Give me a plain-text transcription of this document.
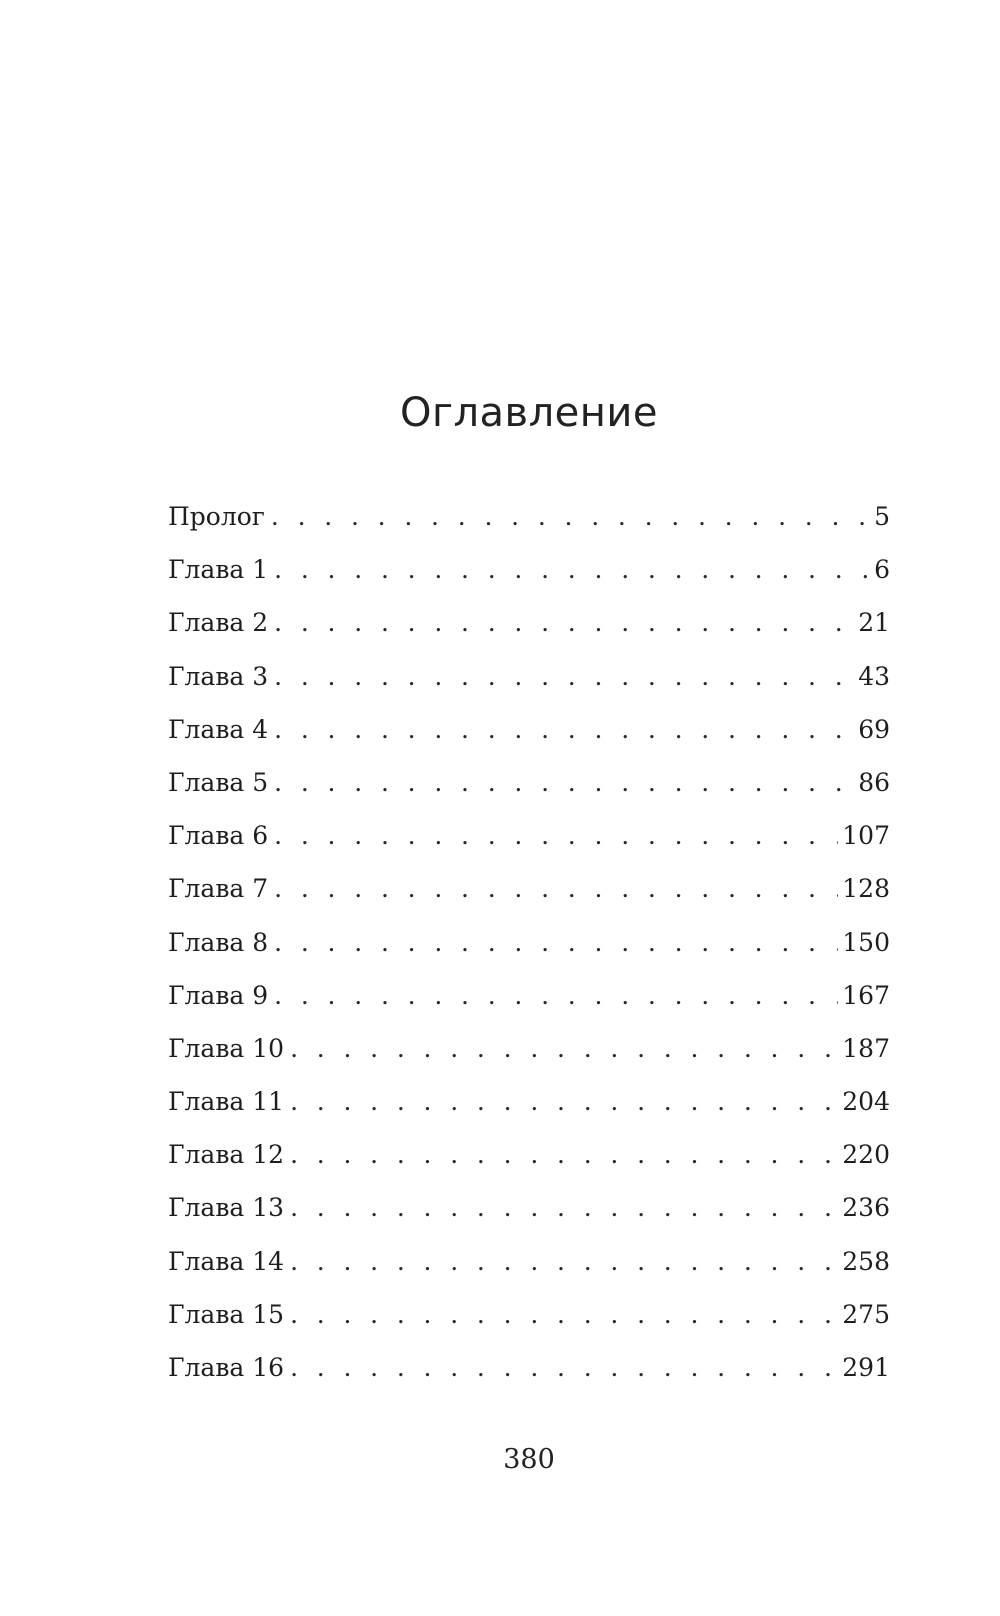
Оглавление
Пролог . . .	5
Глава 1 . . .	6
Глава 2 . . .	21
Глава 3 . . .	43
Глава 4 . . .	69
Глава 5 . . .	86
Глава 6 . . .	107
Глава 7 . . .	128
Глава 8 . . .	150
Глава 9 . . .	167
Глава 10 . . .	187
Глава 11 . . .	204
Глава 12 . . .	220
Глава 13 . . .	236
Глава 14 . . .	258
Глава 15 . . .	275
Глава 16 . . .	291
380
